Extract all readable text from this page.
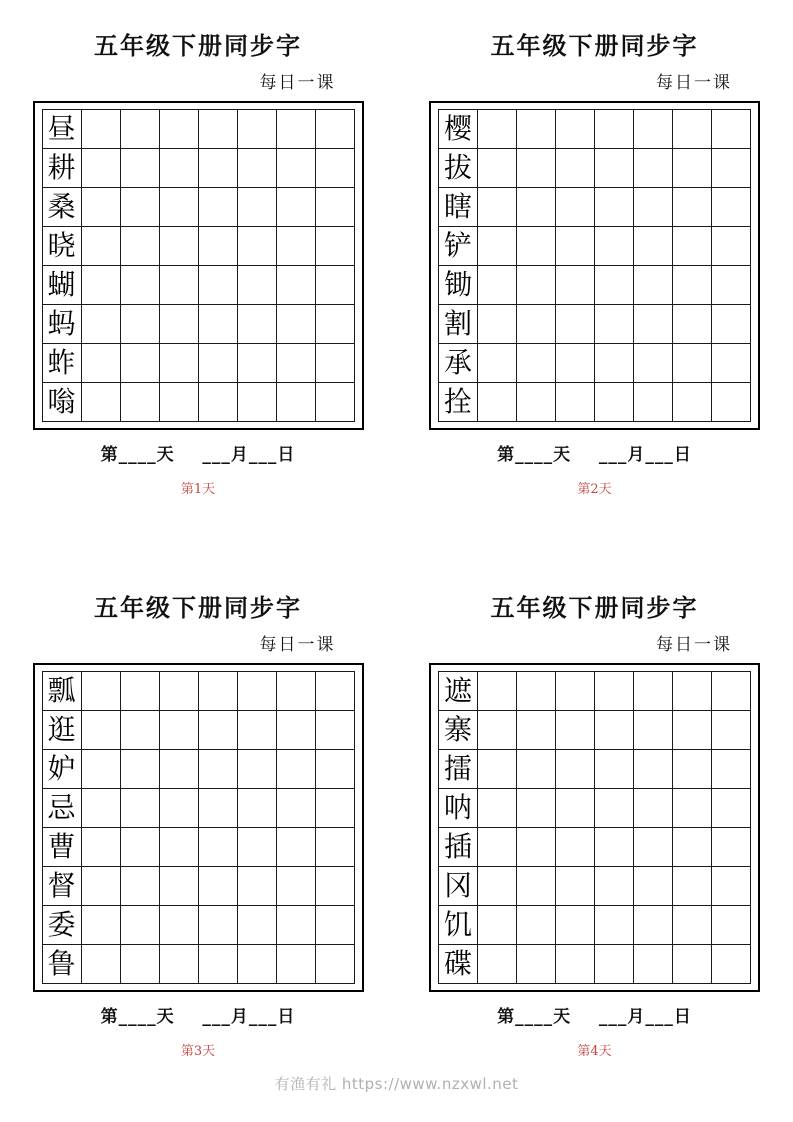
五年级下册同步字
每日一课
昼							
耕							
桑							
晓							
蝴							
蚂							
蚱							
嗡							
第____天    ___月___日
第1天
五年级下册同步字
每日一课
樱							
拔							
瞎							
铲							
锄							
割							
承							
拴							
第____天    ___月___日
第2天
五年级下册同步字
每日一课
瓢							
逛							
妒							
忌							
曹							
督							
委							
鲁							
第____天    ___月___日
第3天
五年级下册同步字
每日一课
遮							
寨							
擂							
呐							
插							
冈							
饥							
碟							
第____天    ___月___日
第4天
有渔有礼 https://www.nzxwl.net
